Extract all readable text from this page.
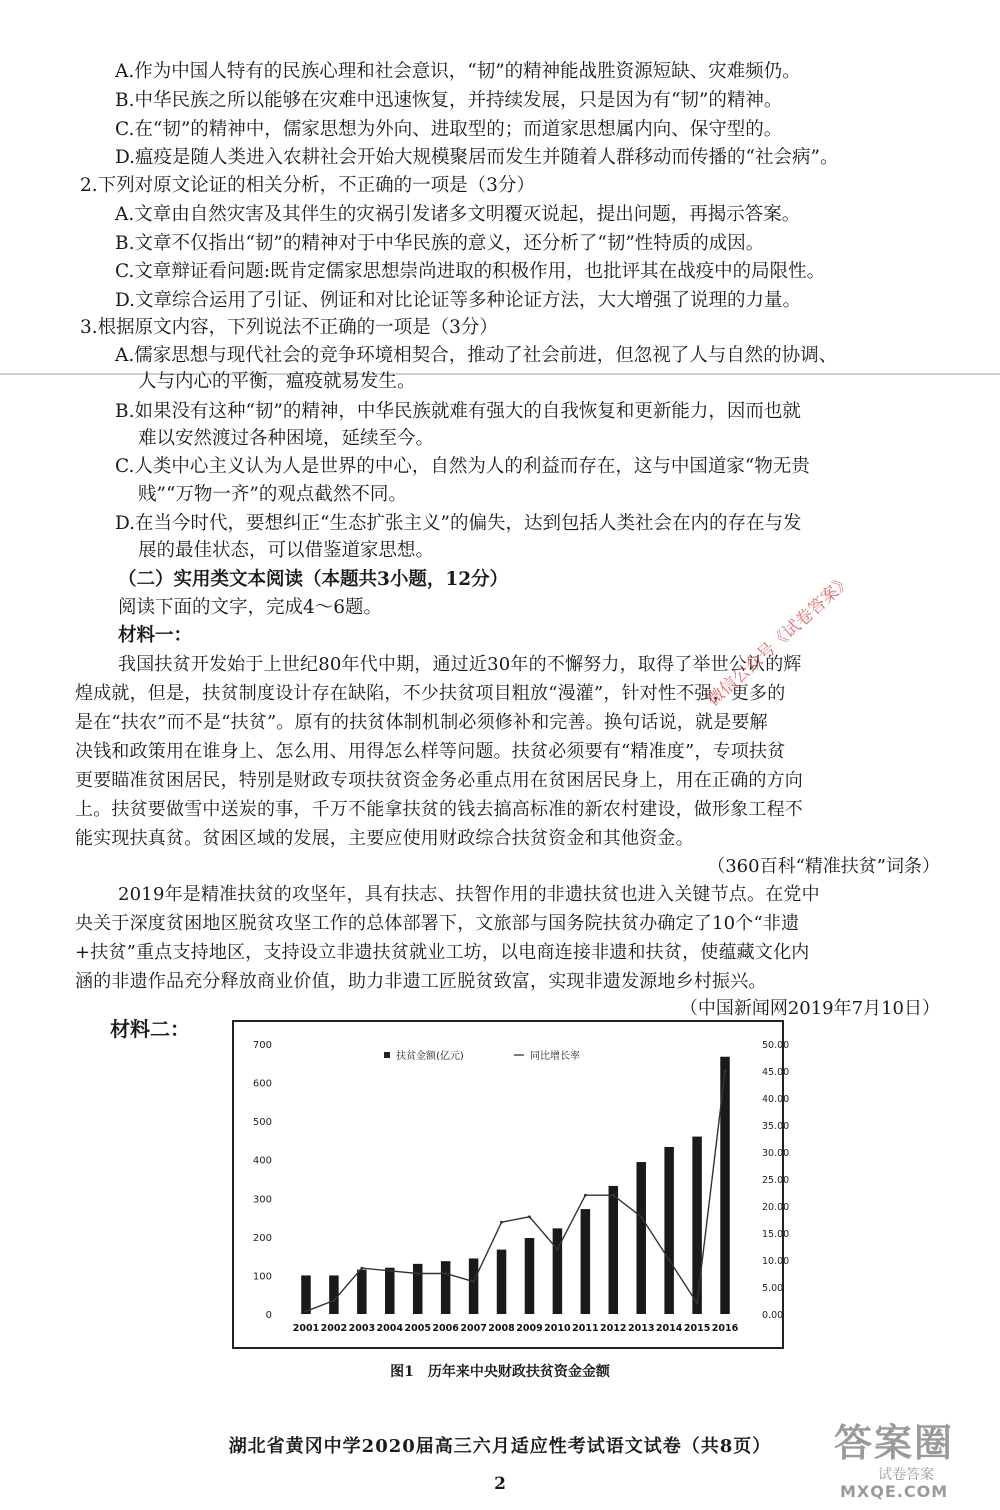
A.作为中国人特有的民族心理和社会意识，“韧”的精神能战胜资源短缺、灾难频仍。
B.中华民族之所以能够在灾难中迅速恢复，并持续发展，只是因为有“韧”的精神。
C.在“韧”的精神中，儒家思想为外向、进取型的；而道家思想属内向、保守型的。
D.瘟疫是随人类进入农耕社会开始大规模聚居而发生并随着人群移动而传播的“社会病”。
2.下列对原文论证的相关分析，不正确的一项是（3分）
A.文章由自然灾害及其伴生的灾祸引发诸多文明覆灭说起，提出问题，再揭示答案。
B.文章不仅指出“韧”的精神对于中华民族的意义，还分析了“韧”性特质的成因。
C.文章辩证看问题:既肯定儒家思想崇尚进取的积极作用，也批评其在战疫中的局限性。
D.文章综合运用了引证、例证和对比论证等多种论证方法，大大增强了说理的力量。
3.根据原文内容，下列说法不正确的一项是（3分）
A.儒家思想与现代社会的竞争环境相契合，推动了社会前进，但忽视了人与自然的协调、
人与内心的平衡，瘟疫就易发生。
B.如果没有这种“韧”的精神，中华民族就难有强大的自我恢复和更新能力，因而也就
难以安然渡过各种困境，延续至今。
C.人类中心主义认为人是世界的中心，自然为人的利益而存在，这与中国道家“物无贵
贱”“万物一齐”的观点截然不同。
D.在当今时代，要想纠正“生态扩张主义”的偏失，达到包括人类社会在内的存在与发
展的最佳状态，可以借鉴道家思想。
（二）实用类文本阅读（本题共3小题，12分）
阅读下面的文字，完成4～6题。
材料一：
我国扶贫开发始于上世纪80年代中期，通过近30年的不懈努力，取得了举世公认的辉
煌成就，但是，扶贫制度设计存在缺陷，不少扶贫项目粗放“漫灌”，针对性不强，更多的
是在“扶农”而不是“扶贫”。原有的扶贫体制机制必须修补和完善。换句话说，就是要解
决钱和政策用在谁身上、怎么用、用得怎么样等问题。扶贫必须要有“精准度”，专项扶贫
更要瞄准贫困居民，特别是财政专项扶贫资金务必重点用在贫困居民身上，用在正确的方向
上。扶贫要做雪中送炭的事，千万不能拿扶贫的钱去搞高标准的新农村建设，做形象工程不
能实现扶真贫。贫困区域的发展，主要应使用财政综合扶贫资金和其他资金。
（360百科“精准扶贫”词条）
2019年是精准扶贫的攻坚年，具有扶志、扶智作用的非遗扶贫也进入关键节点。在党中
央关于深度贫困地区脱贫攻坚工作的总体部署下，文旅部与国务院扶贫办确定了10个“非遗
+扶贫”重点支持地区，支持设立非遗扶贫就业工坊，以电商连接非遗和扶贫，使蕴藏文化内
涵的非遗作品充分释放商业价值，助力非遗工匠脱贫致富，实现非遗发源地乡村振兴。
（中国新闻网2019年7月10日）
微信公众号《试卷答案》
材料二：
0
100
200
300
400
500
600
700
0.00
5.00
10.00
15.00
20.00
25.00
30.00
35.00
40.00
45.00
50.00
2001 2002 2003 2004 2005 2006 2007 2008 2009 2010 2011 2012 2013 2014 2015 2016
扶贫金额(亿元)	同比增长率
图1　历年来中央财政扶贫资金金额
湖北省黄冈中学2020届高三六月适应性考试语文试卷（共8页）
2
答案圈
试卷答案
MXQE.COM
